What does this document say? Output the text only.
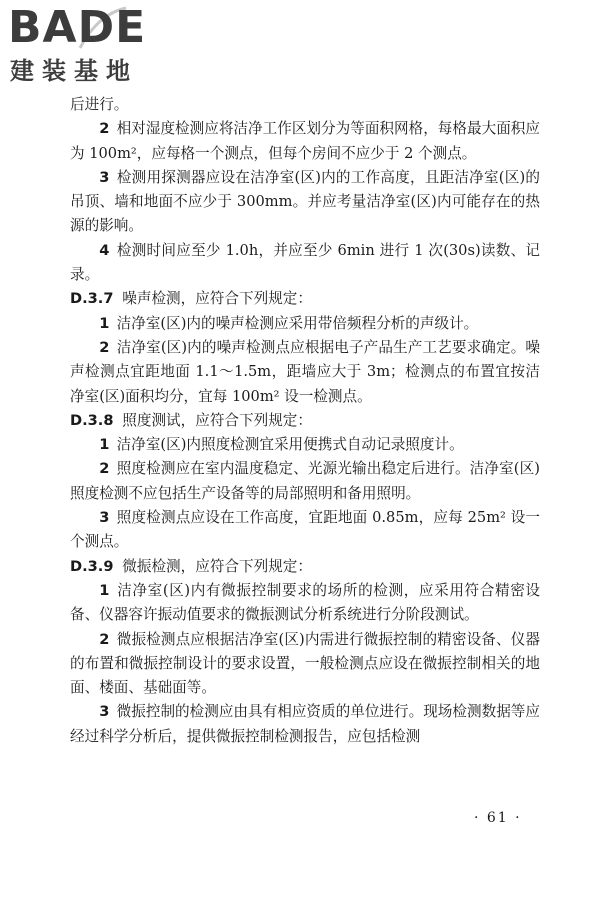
BADE
建装基地

后进行。

2 相对湿度检测应将洁净工作区划分为等面积网格，每格最大面积应为 100m²，应每格一个测点，但每个房间不应少于 2 个测点。

3 检测用探测器应设在洁净室(区)内的工作高度，且距洁净室(区)的吊顶、墙和地面不应少于 300mm。并应考量洁净室(区)内可能存在的热源的影响。

4 检测时间应至少 1.0h，并应至少 6min 进行 1 次(30s)读数、记录。

D.3.7 噪声检测，应符合下列规定：

1 洁净室(区)内的噪声检测应采用带倍频程分析的声级计。

2 洁净室(区)内的噪声检测点应根据电子产品生产工艺要求确定。噪声检测点宜距地面 1.1～1.5m，距墙应大于 3m；检测点的布置宜按洁净室(区)面积均分，宜每 100m² 设一检测点。

D.3.8 照度测试，应符合下列规定：

1 洁净室(区)内照度检测宜采用便携式自动记录照度计。

2 照度检测应在室内温度稳定、光源光输出稳定后进行。洁净室(区)照度检测不应包括生产设备等的局部照明和备用照明。

3 照度检测点应设在工作高度，宜距地面 0.85m，应每 25m² 设一个测点。

D.3.9 微振检测，应符合下列规定：

1 洁净室(区)内有微振控制要求的场所的检测，应采用符合精密设备、仪器容许振动值要求的微振测试分析系统进行分阶段测试。

2 微振检测点应根据洁净室(区)内需进行微振控制的精密设备、仪器的布置和微振控制设计的要求设置，一般检测点应设在微振控制相关的地面、楼面、基础面等。

3 微振控制的检测应由具有相应资质的单位进行。现场检测数据等应经过科学分析后，提供微振控制检测报告，应包括检测

· 61 ·
